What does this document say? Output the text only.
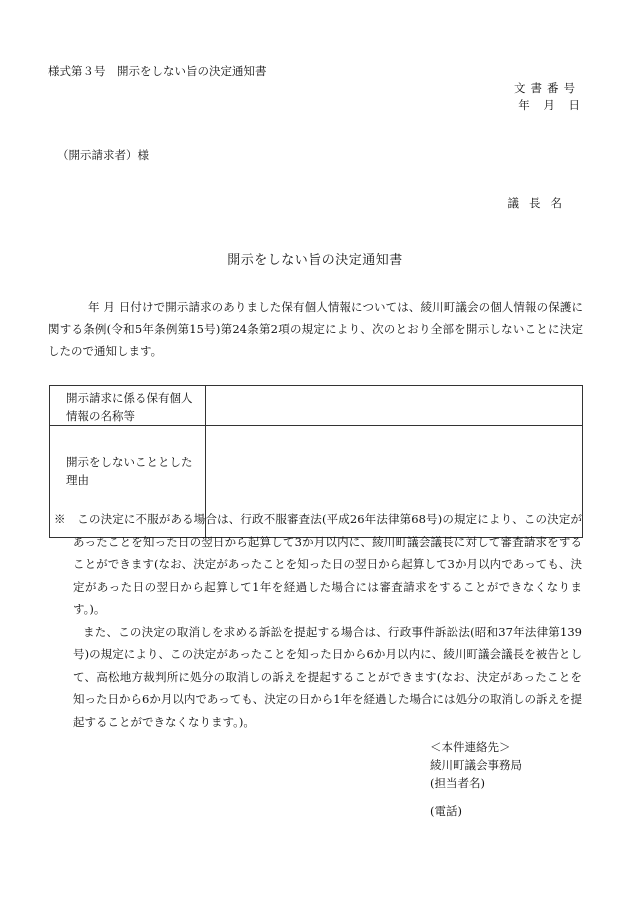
様式第３号　開示をしない旨の決定通知書
文書番号
年 月 日
（開示請求者）様
議長名
開示をしない旨の決定通知書

年 月 日付けで開示請求のありました保有個人情報については、綾川町議会の個人情報の保護に関する条例(令和5年条例第15号)第24条第2項の規定により、次のとおり全部を開示しないことに決定したので通知します。

開示請求に係る保有個人情報の名称等	
開示をしないこととした理由	

※　この決定に不服がある場合は、行政不服審査法(平成26年法律第68号)の規定により、この決定があったことを知った日の翌日から起算して3か月以内に、綾川町議会議長に対して審査請求をすることができます(なお、決定があったことを知った日の翌日から起算して3か月以内であっても、決定があった日の翌日から起算して1年を経過した場合には審査請求をすることができなくなります。)。

また、この決定の取消しを求める訴訟を提起する場合は、行政事件訴訟法(昭和37年法律第139号)の規定により、この決定があったことを知った日から6か月以内に、綾川町議会議長を被告として、高松地方裁判所に処分の取消しの訴えを提起することができます(なお、決定があったことを知った日から6か月以内であっても、決定の日から1年を経過した場合には処分の取消しの訴えを提起することができなくなります。)。

＜本件連絡先＞
綾川町議会事務局
(担当者名)
(電話)
